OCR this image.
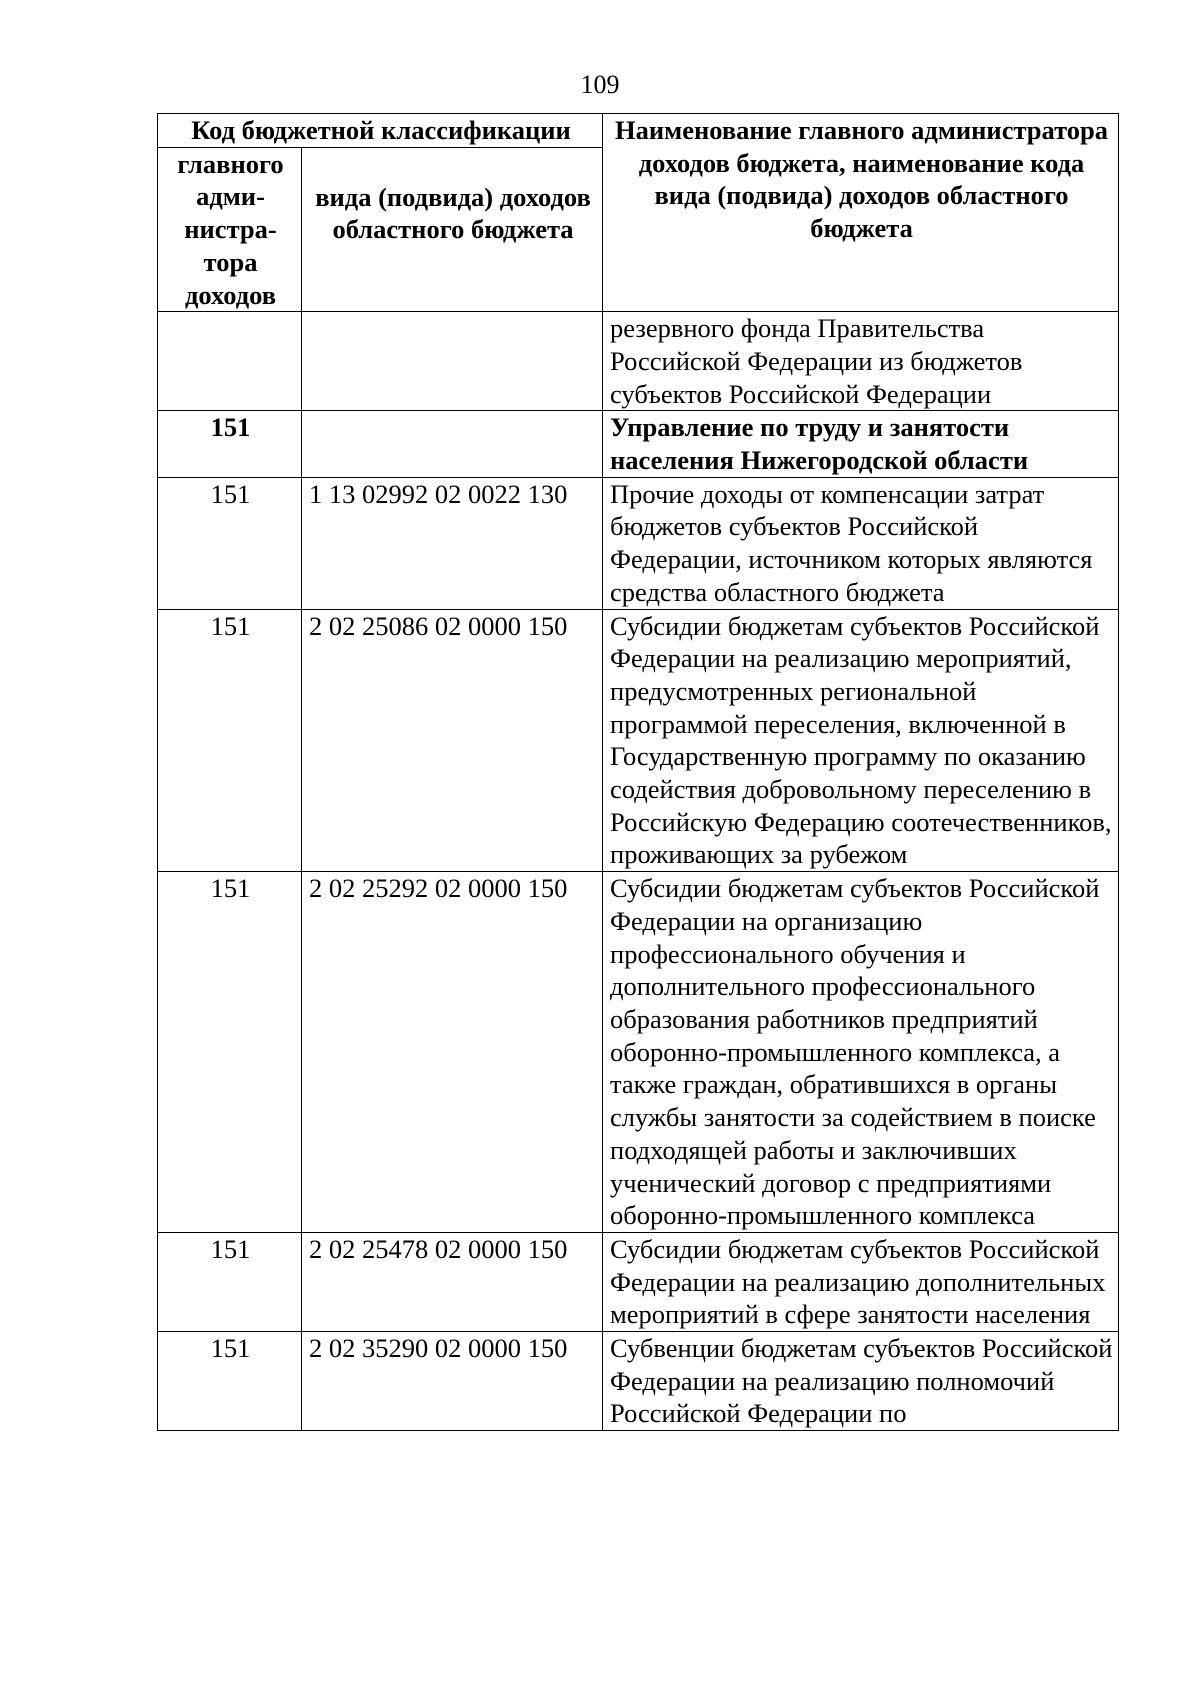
109
Код бюджетной классификации		Наименование главного администратора доходов бюджета, наименование кода вида (подвида) доходов областного бюджета
главного адми-нистра-тора доходов	вида (подвида) доходов областного бюджета	

		резервного фонда Правительства Российской Федерации из бюджетов субъектов Российской Федерации
151		Управление по труду и занятости населения Нижегородской области
151	1 13 02992 02 0022 130	Прочие доходы от компенсации затрат бюджетов субъектов Российской Федерации, источником которых являются средства областного бюджета
151	2 02 25086 02 0000 150	Субсидии бюджетам субъектов Российской Федерации на реализацию мероприятий, предусмотренных региональной программой переселения, включенной в Государственную программу по оказанию содействия добровольному переселению в Российскую Федерацию соотечественников, проживающих за рубежом
151	2 02 25292 02 0000 150	Субсидии бюджетам субъектов Российской Федерации на организацию профессионального обучения и дополнительного профессионального образования работников предприятий оборонно-промышленного комплекса, а также граждан, обратившихся в органы службы занятости за содействием в поиске подходящей работы и заключивших ученический договор с предприятиями оборонно-промышленного комплекса
151	2 02 25478 02 0000 150	Субсидии бюджетам субъектов Российской Федерации на реализацию дополнительных мероприятий в сфере занятости населения
151	2 02 35290 02 0000 150	Субвенции бюджетам субъектов Российской Федерации на реализацию полномочий Российской Федерации по
